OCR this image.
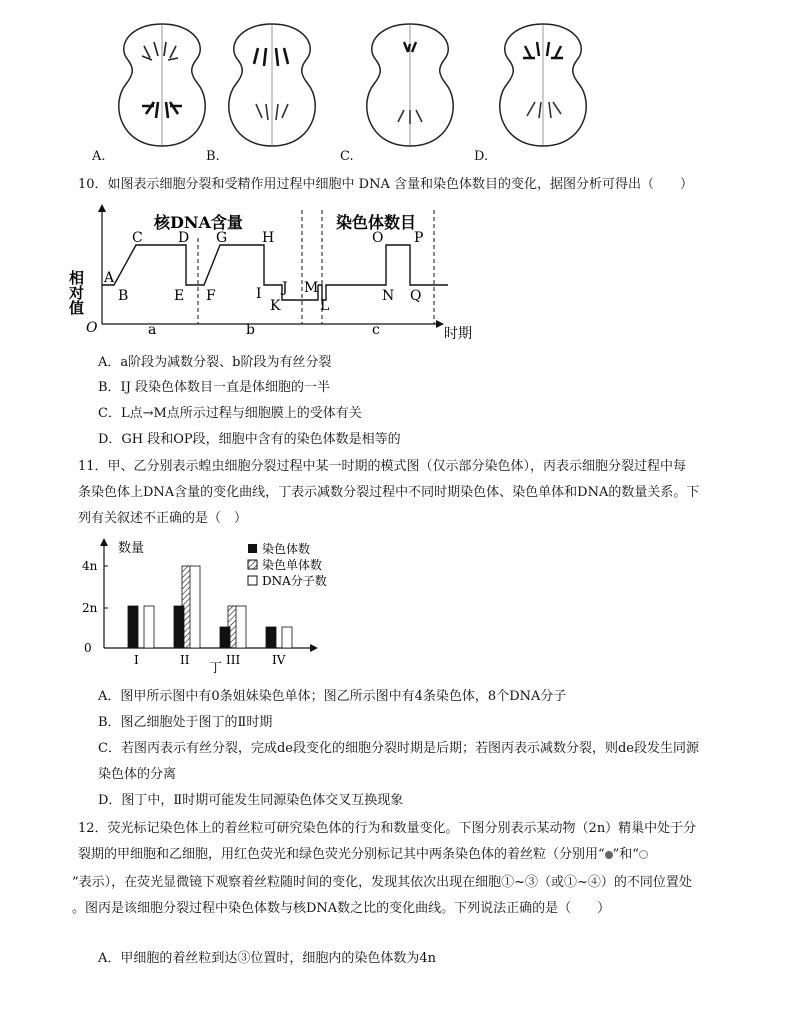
A.	B.	C.	D.
10．如图表示细胞分裂和受精作用过程中细胞中 DNA 含量和染色体数目的变化，据图分析可得出（　　）
相对值
核DNA含量	染色体数目
O	时期
A
B
C	D
E F
G H
I J
K
M
L
O P
N Q
a	b	c
A．a阶段为减数分裂、b阶段为有丝分裂
B．IJ 段染色体数目一直是体细胞的一半
C．L点→M点所示过程与细胞膜上的受体有关
D．GH 段和OP段，细胞中含有的染色体数是相等的
11．甲、乙分别表示蝗虫细胞分裂过程中某一时期的模式图（仅示部分染色体），丙表示细胞分裂过程中每
条染色体上DNA含量的变化曲线，丁表示减数分裂过程中不同时期染色体、染色单体和DNA的数量关系。下
列有关叙述不正确的是（　）
数量
0
2n
4n
I	II	III	IV
染色体数
染色单体数
DNA分子数
丁
A．图甲所示图中有0条姐妹染色单体；图乙所示图中有4条染色体，8个DNA分子
B．图乙细胞处于图丁的Ⅱ时期
C．若图丙表示有丝分裂，完成de段变化的细胞分裂时期是后期；若图丙表示减数分裂，则de段发生同源
染色体的分离
D．图丁中，Ⅱ时期可能发生同源染色体交叉互换现象
12．荧光标记染色体上的着丝粒可研究染色体的行为和数量变化。下图分别表示某动物（2n）精巢中处于分
裂期的甲细胞和乙细胞，用红色荧光和绿色荧光分别标记其中两条染色体的着丝粒（分别用“ ”和“
”表示），在荧光显微镜下观察着丝粒随时间的变化，发现其依次出现在细胞①~③（或①~④）的不同位置处
。图丙是该细胞分裂过程中染色体数与核DNA数之比的变化曲线。下列说法正确的是（　　）
A．甲细胞的着丝粒到达③位置时，细胞内的染色体数为4n
